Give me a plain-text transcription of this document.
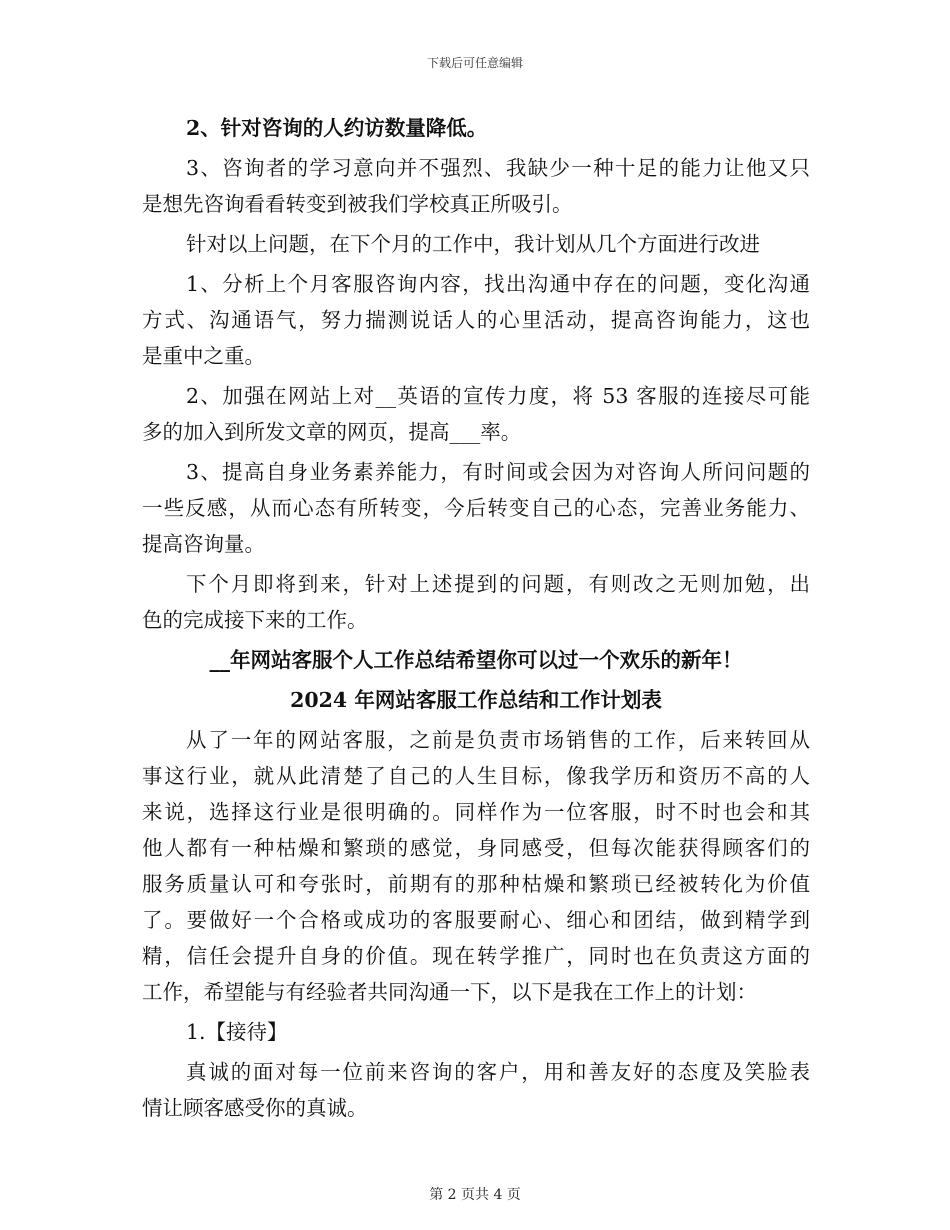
下载后可任意编辑
2、针对咨询的人约访数量降低。
3、咨询者的学习意向并不强烈、我缺少一种十足的能力让他又只
是想先咨询看看转变到被我们学校真正所吸引。
针对以上问题，在下个月的工作中，我计划从几个方面进行改进
1、分析上个月客服咨询内容，找出沟通中存在的问题，变化沟通
方式、沟通语气，努力揣测说话人的心里活动，提高咨询能力，这也
是重中之重。
2、加强在网站上对__英语的宣传力度，将 53 客服的连接尽可能
多的加入到所发文章的网页，提高___率。
3、提高自身业务素养能力，有时间或会因为对咨询人所问问题的
一些反感，从而心态有所转变，今后转变自己的心态，完善业务能力、
提高咨询量。
下个月即将到来，针对上述提到的问题，有则改之无则加勉，出
色的完成接下来的工作。
__年网站客服个人工作总结希望你可以过一个欢乐的新年！
2024 年网站客服工作总结和工作计划表
从了一年的网站客服，之前是负责市场销售的工作，后来转回从
事这行业，就从此清楚了自己的人生目标，像我学历和资历不高的人
来说，选择这行业是很明确的。同样作为一位客服，时不时也会和其
他人都有一种枯燥和繁琐的感觉，身同感受，但每次能获得顾客们的
服务质量认可和夸张时，前期有的那种枯燥和繁琐已经被转化为价值
了。要做好一个合格或成功的客服要耐心、细心和团结，做到精学到
精，信任会提升自身的价值。现在转学推广，同时也在负责这方面的
工作，希望能与有经验者共同沟通一下，以下是我在工作上的计划：
1.【接待】
真诚的面对每一位前来咨询的客户，用和善友好的态度及笑脸表
情让顾客感受你的真诚。
第 2 页共 4 页
